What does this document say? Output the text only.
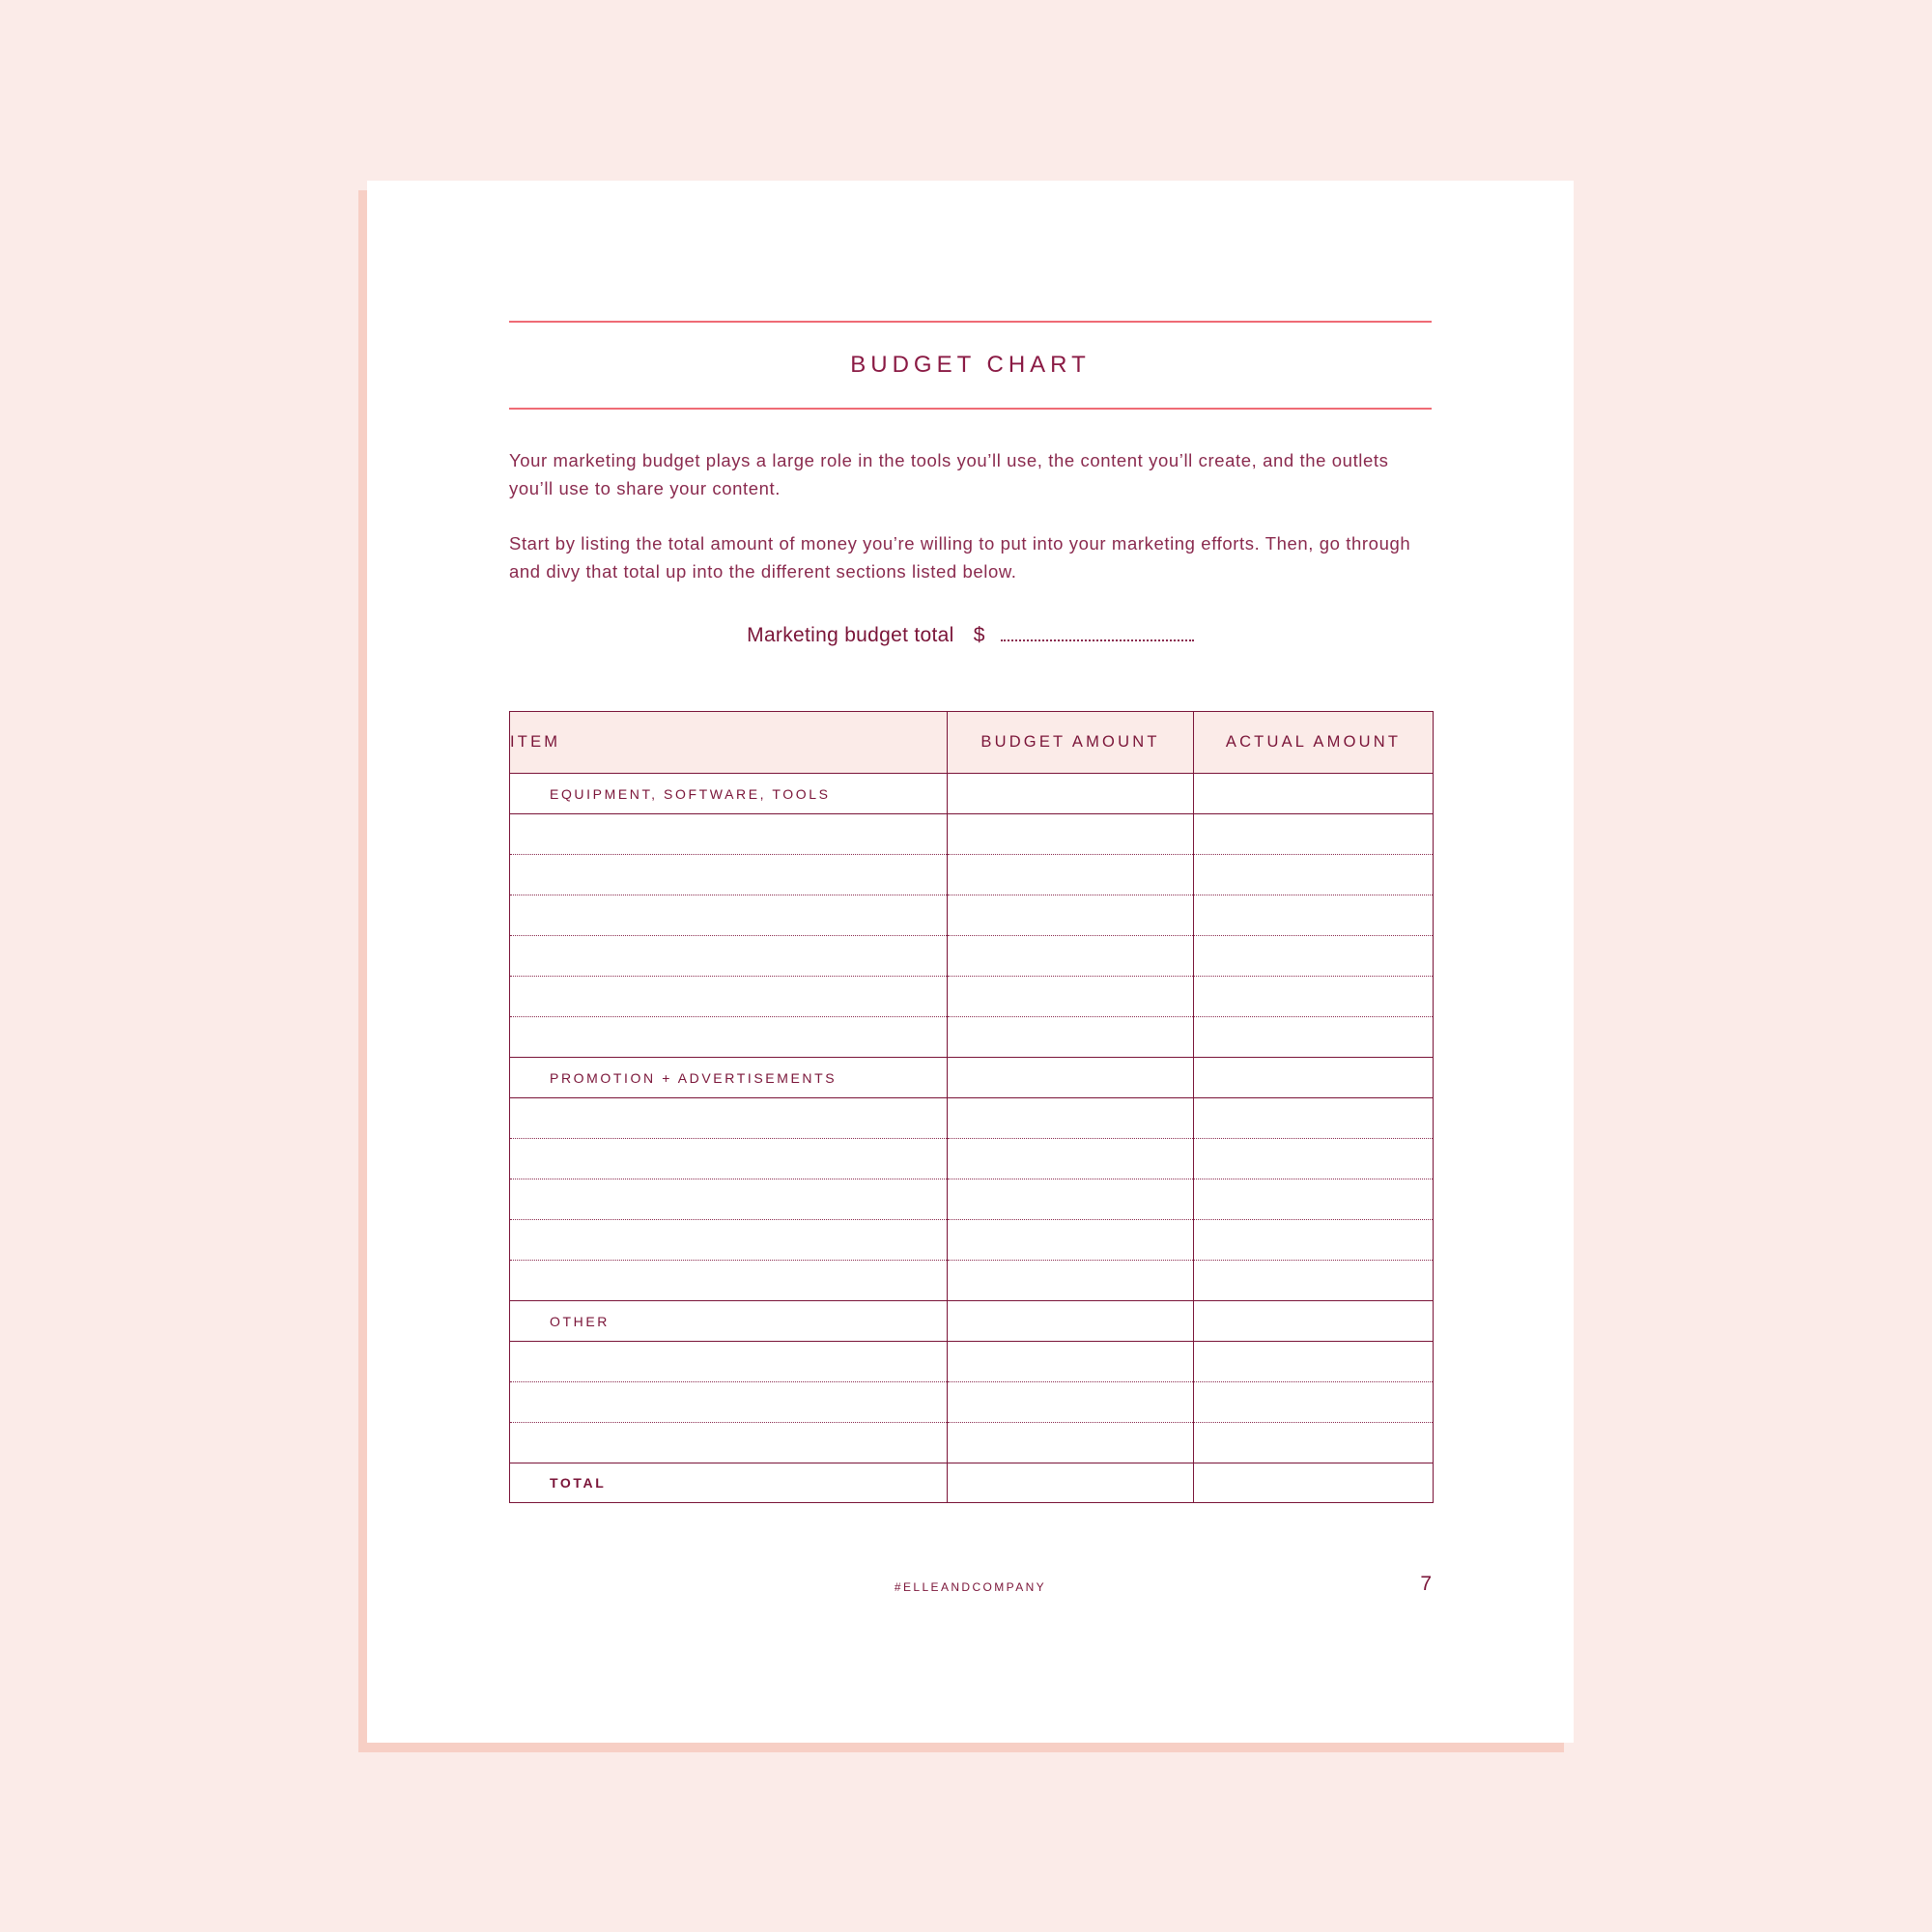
BUDGET CHART

Your marketing budget plays a large role in the tools you’ll use, the content you’ll create, and the outlets you’ll use to share your content.

Start by listing the total amount of money you’re willing to put into your marketing efforts. Then, go through and divy that total up into the different sections listed below.

Marketing budget total $
ITEM	BUDGET AMOUNT	ACTUAL AMOUNT
EQUIPMENT, SOFTWARE, TOOLS		

PROMOTION + ADVERTISEMENTS		

OTHER		

TOTAL		
#ELLEANDCOMPANY	7
